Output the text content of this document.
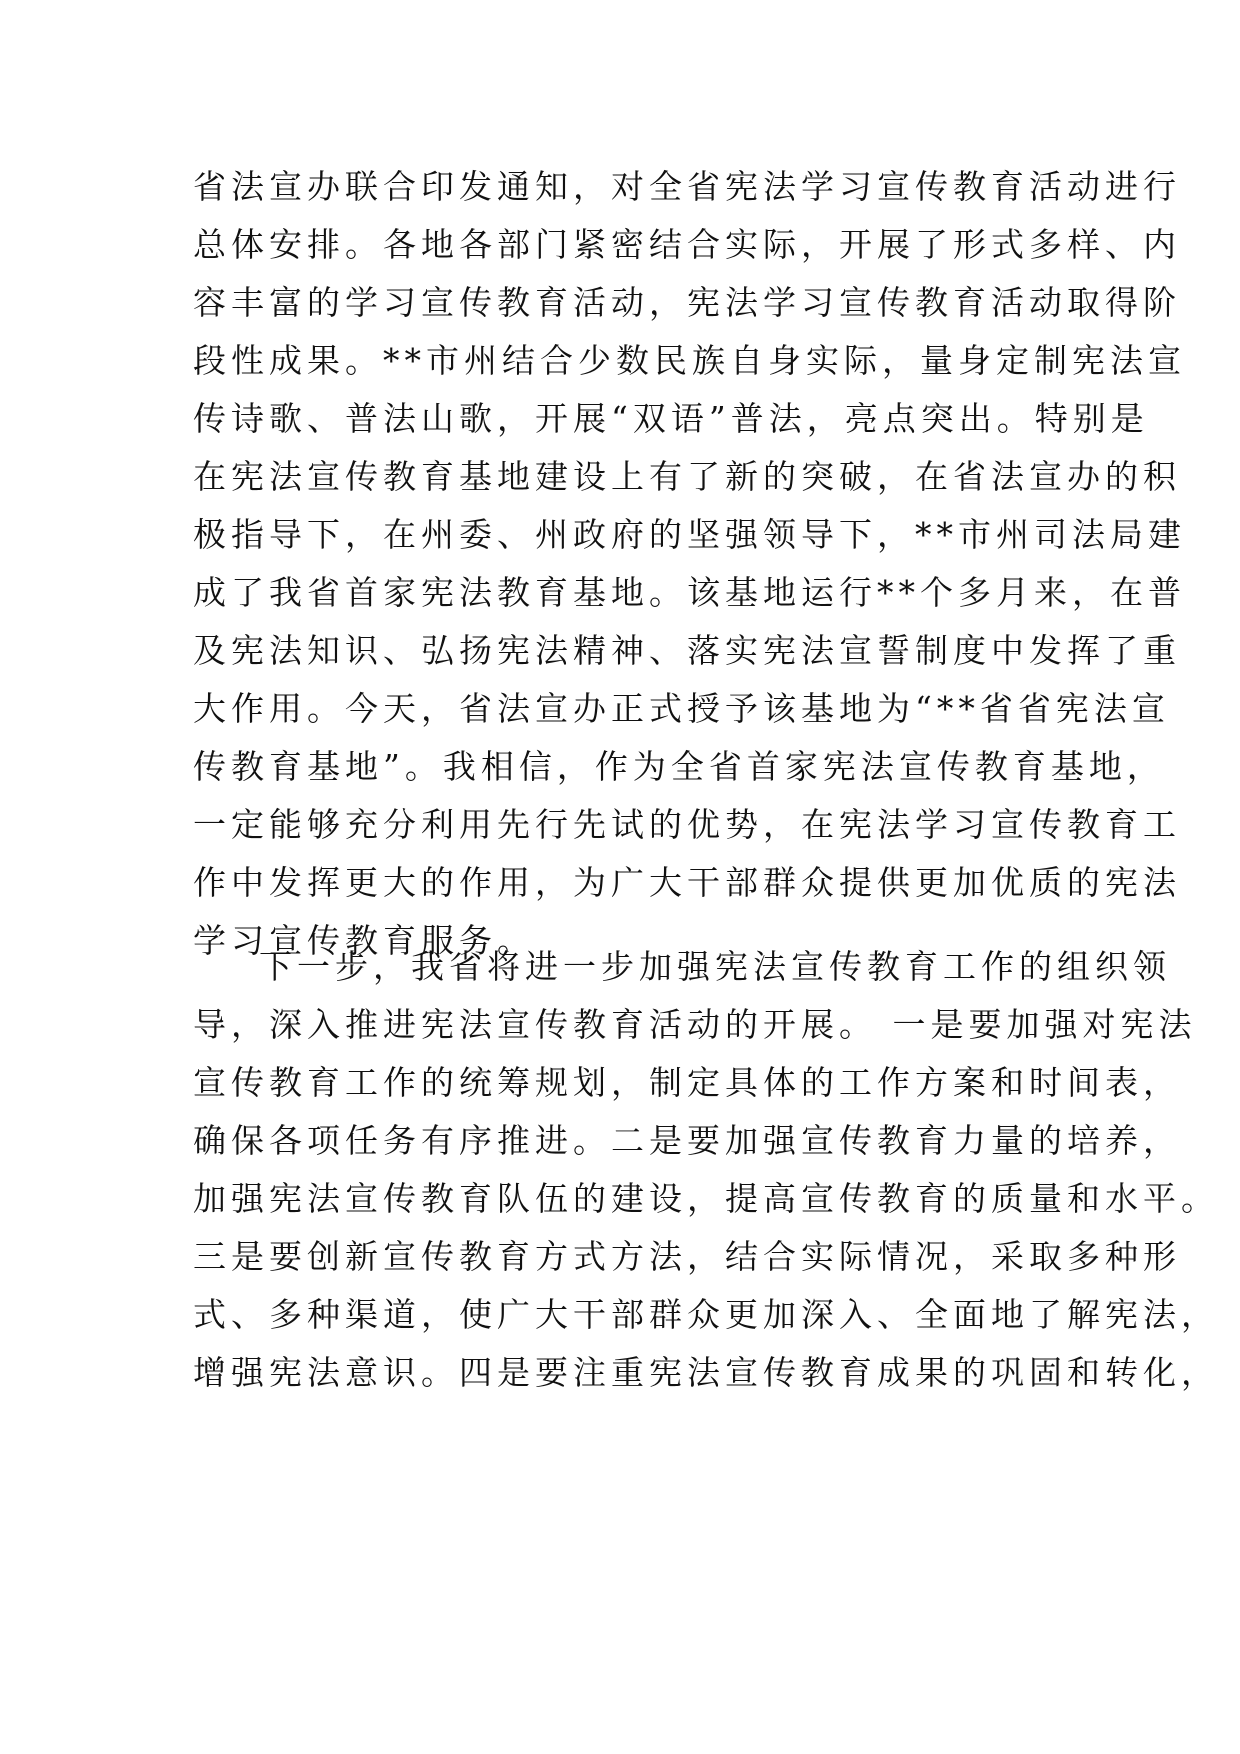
省法宣办联合印发通知，对全省宪法学习宣传教育活动进行

总体安排。各地各部门紧密结合实际，开展了形式多样、内

容丰富的学习宣传教育活动，宪法学习宣传教育活动取得阶

段性成果。**市州结合少数民族自身实际，量身定制宪法宣

传诗歌、普法山歌，开展“双语”普法，亮点突出。特别是

在宪法宣传教育基地建设上有了新的突破，在省法宣办的积

极指导下，在州委、州政府的坚强领导下，**市州司法局建

成了我省首家宪法教育基地。该基地运行**个多月来，在普

及宪法知识、弘扬宪法精神、落实宪法宣誓制度中发挥了重

大作用。今天，省法宣办正式授予该基地为“**省省宪法宣

传教育基地”。我相信，作为全省首家宪法宣传教育基地，

一定能够充分利用先行先试的优势，在宪法学习宣传教育工

作中发挥更大的作用，为广大干部群众提供更加优质的宪法

学习宣传教育服务。

下一步，我省将进一步加强宪法宣传教育工作的组织领

导，深入推进宪法宣传教育活动的开展。 一是要加强对宪法

宣传教育工作的统筹规划，制定具体的工作方案和时间表，

确保各项任务有序推进。二是要加强宣传教育力量的培养，

加强宪法宣传教育队伍的建设，提高宣传教育的质量和水平。

三是要创新宣传教育方式方法，结合实际情况，采取多种形

式、多种渠道，使广大干部群众更加深入、全面地了解宪法，

增强宪法意识。四是要注重宪法宣传教育成果的巩固和转化，
